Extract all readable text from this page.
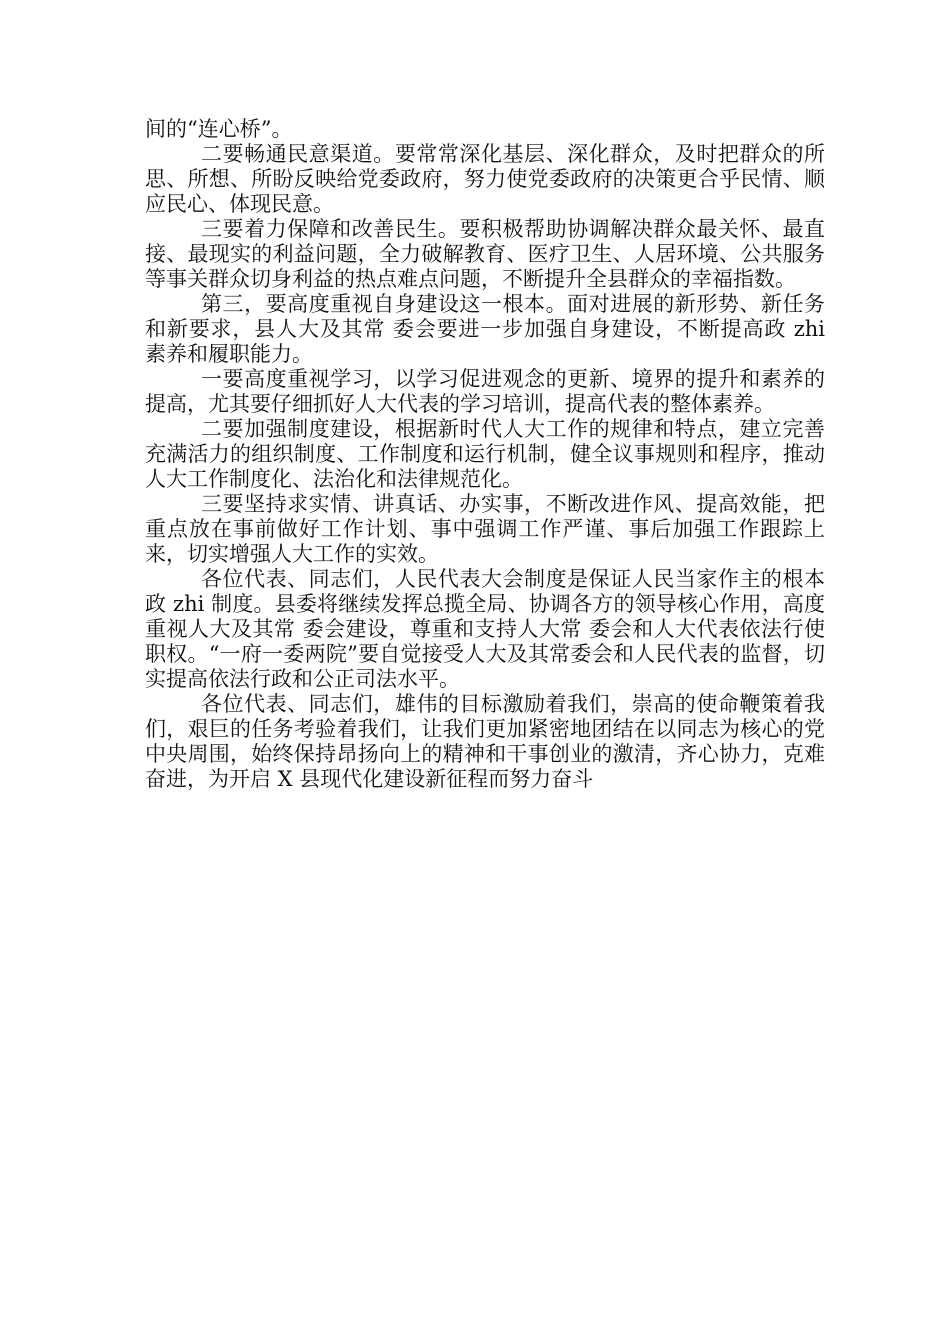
间的“连心桥”。

二要畅通民意渠道。要常常深化基层、深化群众，及时把群众的所思、所想、所盼反映给党委政府，努力使党委政府的决策更合乎民情、顺应民心、体现民意。

三要着力保障和改善民生。要积极帮助协调解决群众最关怀、最直接、最现实的利益问题，全力破解教育、医疗卫生、人居环境、公共服务等事关群众切身利益的热点难点问题，不断提升全县群众的幸福指数。

第三，要高度重视自身建设这一根本。面对进展的新形势、新任务和新要求，县人大及其常 委会要进一步加强自身建设，不断提高政 zhi 素养和履职能力。

一要高度重视学习，以学习促进观念的更新、境界的提升和素养的提高，尤其要仔细抓好人大代表的学习培训，提高代表的整体素养。

二要加强制度建设，根据新时代人大工作的规律和特点，建立完善充满活力的组织制度、工作制度和运行机制，健全议事规则和程序，推动人大工作制度化、法治化和法律规范化。

三要坚持求实情、讲真话、办实事，不断改进作风、提高效能，把重点放在事前做好工作计划、事中强调工作严谨、事后加强工作跟踪上来，切实增强人大工作的实效。

各位代表、同志们，人民代表大会制度是保证人民当家作主的根本政 zhi 制度。县委将继续发挥总揽全局、协调各方的领导核心作用，高度重视人大及其常 委会建设，尊重和支持人大常 委会和人大代表依法行使职权。“一府一委两院”要自觉接受人大及其常委会和人民代表的监督，切实提高依法行政和公正司法水平。

各位代表、同志们，雄伟的目标激励着我们，崇高的使命鞭策着我们，艰巨的任务考验着我们，让我们更加紧密地团结在以同志为核心的党中央周围，始终保持昂扬向上的精神和干事创业的激清，齐心协力，克难奋进，为开启 X 县现代化建设新征程而努力奋斗
